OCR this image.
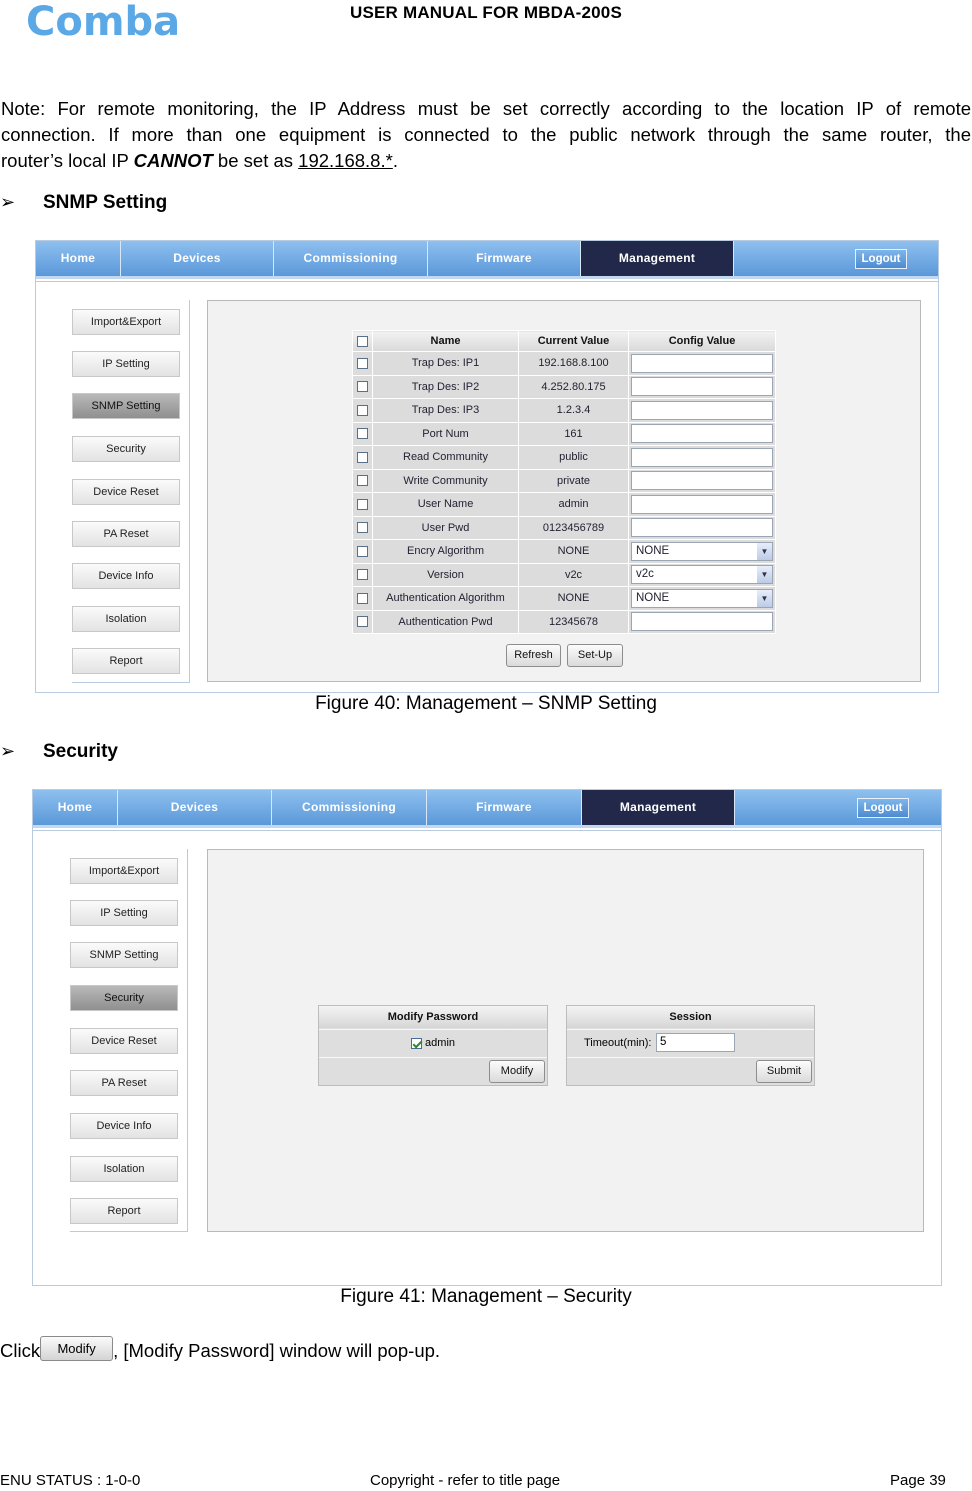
Comba	USER MANUAL FOR MBDA-200S
Note: For remote monitoring, the IP Address must be set correctly according to the location IP of remote
connection. If more than one equipment is connected to the public network through the same router, the
router’s local IP CANNOT be set as 192.168.8.*.
➢ SNMP Setting
Home	Devices	Commissioning	Firmware	Management	Logout
Import&Export
IP Setting
SNMP Setting
Security
Device Reset
PA Reset
Device Info
Isolation
Report
	Name	Current Value	Config Value
	Trap Des: IP1	192.168.8.100	

	Trap Des: IP2	4.252.80.175	

	Trap Des: IP3	1.2.3.4	

	Port Num	161	

	Read Community	public	

	Write Community	private	

	User Name	admin	

	User Pwd	0123456789	

	Encry Algorithm	NONE	NONE ▼

	Version	v2c	v2c ▼

	Authentication Algorithm	NONE	NONE ▼

	Authentication Pwd	12345678	
Refresh	Set-Up
Figure 40: Management – SNMP Setting
➢ Security
Home	Devices	Commissioning	Firmware	Management	Logout
Import&Export
IP Setting
SNMP Setting
Security
Device Reset
PA Reset
Device Info
Isolation
Report
Modify Password
admin
Modify
Session
Timeout(min): 5
Submit
Figure 41: Management – Security
Click Modify , [Modify Password] window will pop-up.
ENU STATUS : 1-0-0	Copyright - refer to title page	Page 39
